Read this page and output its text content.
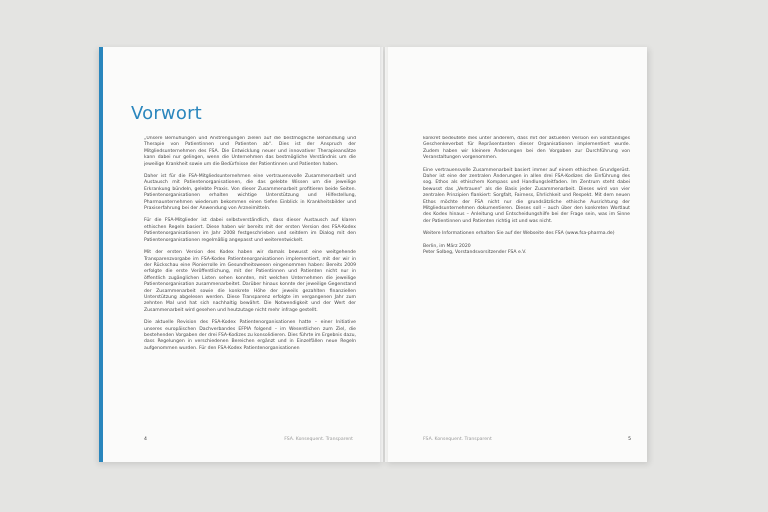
Vorwort

„Unsere Bemühungen und Anstrengungen zielen auf die bestmögliche Behandlung und Therapie von Patientinnen und Patienten ab“. Dies ist der Anspruch der Mitgliedsunternehmen des FSA. Die Entwicklung neuer und innovativer Therapieansätze kann dabei nur gelingen, wenn die Unternehmen das bestmögliche Verständnis um die jeweilige Krankheit sowie um die Bedürfnisse der Patientinnen und Patienten haben.

Daher ist für die FSA-Mitgliedsunternehmen eine vertrauensvolle Zusammenarbeit und Austausch mit Patientenorganisationen, die das gelebte Wissen um die jeweilige Erkrankung bündeln, gelebte Praxis. Von dieser Zusammenarbeit profitieren beide Seiten. Patientenorganisationen erhalten wichtige Unterstützung und Hilfestellung, Pharmaunternehmen wiederum bekommen einen tiefen Einblick in Krankheitsbilder und Praxiserfahrung bei der Anwendung von Arzneimitteln.

Für die FSA-Mitglieder ist dabei selbstverständlich, dass dieser Austausch auf klaren ethischen Regeln basiert. Diese haben wir bereits mit der ersten Version des FSA-Kodex Patientenorganisationen im Jahr 2008 festgeschrieben und seitdem im Dialog mit den Patientenorganisationen regelmäßig angepasst und weiterentwickelt.

Mit der ersten Version des Kodex haben wir damals bewusst eine weitgehende Transparenzvorgabe im FSA-Kodex Patientenorganisationen implementiert, mit der wir in der Rückschau eine Pionierrolle im Gesundheitswesen eingenommen haben: Bereits 2009 erfolgte die erste Veröffentlichung, mit der Patientinnen und Patienten nicht nur in öffentlich zugänglichen Listen sehen konnten, mit welchen Unternehmen die jeweilige Patientenorganisation zusammenarbeitet. Darüber hinaus konnte der jeweilige Gegenstand der Zusammenarbeit sowie die konkrete Höhe der jeweils gezahlten finanziellen Unterstützung abgelesen werden. Diese Transparenz erfolgte im vergangenen Jahr zum zehnten Mal und hat sich nachhaltig bewährt. Die Notwendigkeit und der Wert der Zusammenarbeit wird gesehen und heutzutage nicht mehr infrage gestellt.

Die aktuelle Revision des FSA-Kodex Patientenorganisationen hatte – einer Initiative unseres europäischen Dachverbandes EFPIA folgend – im Wesentlichen zum Ziel, die bestehenden Vorgaben der drei FSA-Kodizes zu konsolidieren. Dies führte im Ergebnis dazu, dass Regelungen in verschiedenen Bereichen ergänzt und in Einzelfällen neue Regeln aufgenommen wurden. Für den FSA-Kodex Patientenorganisationen

4	FSA. Konsequent. Transparent

konkret bedeutete dies unter anderem, dass mit der aktuellen Version ein vollständiges Geschenkeverbot für Repräsentanten dieser Organisationen implementiert wurde. Zudem haben wir kleinere Änderungen bei den Vorgaben zur Durchführung von Veranstaltungen vorgenommen.

Eine vertrauensvolle Zusammenarbeit basiert immer auf einem ethischen Grundgerüst. Daher ist eine der zentralen Änderungen in allen drei FSA-Kodizes die Einführung des sog. Ethos als ethischem Kompass und Handlungsleitfaden. Im Zentrum steht dabei bewusst das „Vertrauen“ als die Basis jeder Zusammenarbeit. Dieses wird von vier zentralen Prinzipien flankiert: Sorgfalt, Fairness, Ehrlichkeit und Respekt. Mit dem neuen Ethos möchte der FSA nicht nur die grundsätzliche ethische Ausrichtung der Mitgliedsunternehmen dokumentieren. Dieses soll – auch über den konkreten Wortlaut des Kodex hinaus – Anleitung und Entscheidungshilfe bei der Frage sein, was im Sinne der Patientinnen und Patienten richtig ist und was nicht.

Weitere Informationen erhalten Sie auf der Webseite des FSA (www.fsa-pharma.de)

Berlin, im März 2020
Peter Solbeg, Vorstandsvorsitzender FSA e.V.

FSA. Konsequent. Transparent	5
